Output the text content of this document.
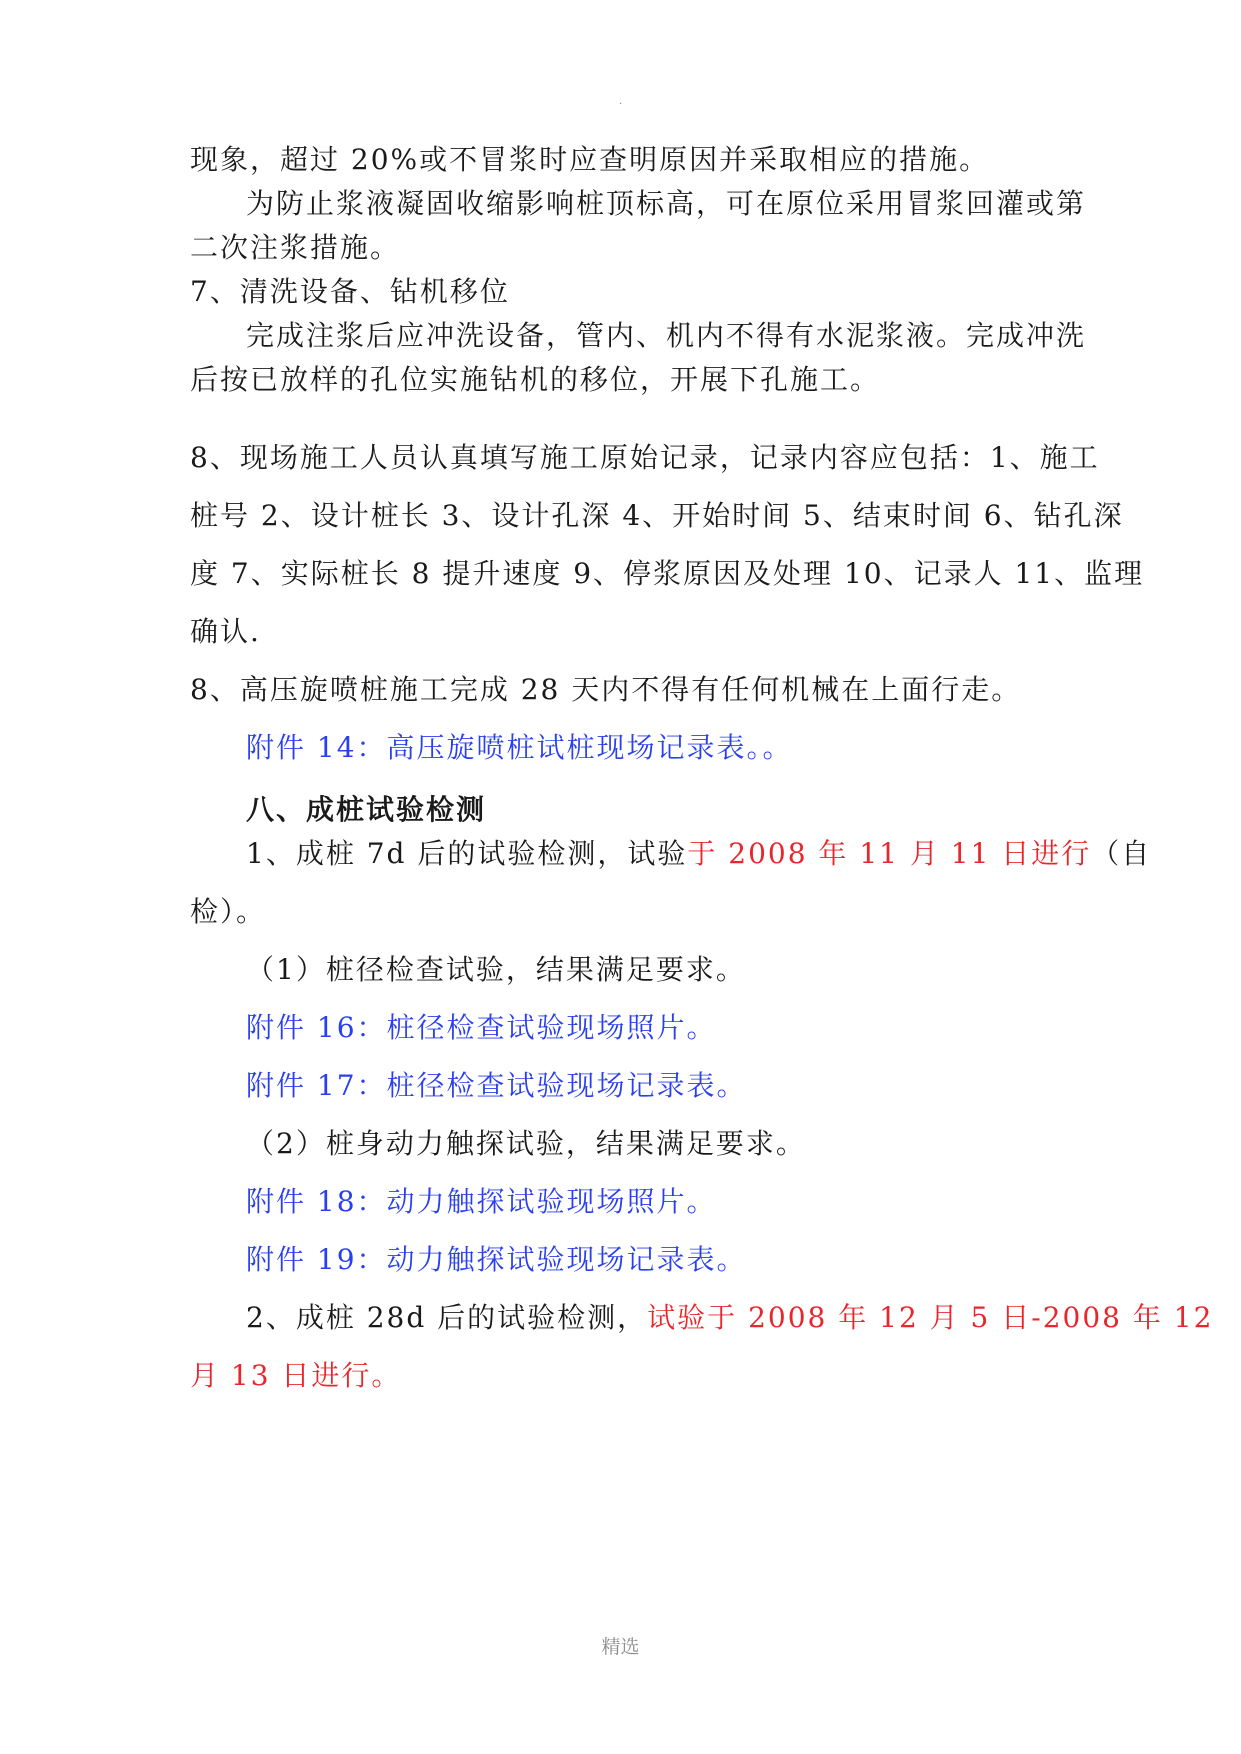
.
现象，超过 20%或不冒浆时应查明原因并采取相应的措施。
为防止浆液凝固收缩影响桩顶标高，可在原位采用冒浆回灌或第
二次注浆措施。
7、清洗设备、钻机移位
完成注浆后应冲洗设备，管内、机内不得有水泥浆液。完成冲洗
后按已放样的孔位实施钻机的移位，开展下孔施工。
8、现场施工人员认真填写施工原始记录，记录内容应包括：1、施工
桩号 2、设计桩长 3、设计孔深 4、开始时间 5、结束时间 6、钻孔深
度 7、实际桩长 8 提升速度 9、停浆原因及处理 10、记录人 11、监理
确认.
8、高压旋喷桩施工完成 28 天内不得有任何机械在上面行走。
附件 14：高压旋喷桩试桩现场记录表。。
八、成桩试验检测
1、成桩 7d 后的试验检测，试验于 2008 年 11 月 11 日进行（自
检）。
（1）桩径检查试验，结果满足要求。
附件 16：桩径检查试验现场照片。
附件 17：桩径检查试验现场记录表。
（2）桩身动力触探试验，结果满足要求。
附件 18：动力触探试验现场照片。
附件 19：动力触探试验现场记录表。
2、成桩 28d 后的试验检测，试验于 2008 年 12 月 5 日-2008 年 12
月 13 日进行。
精选
